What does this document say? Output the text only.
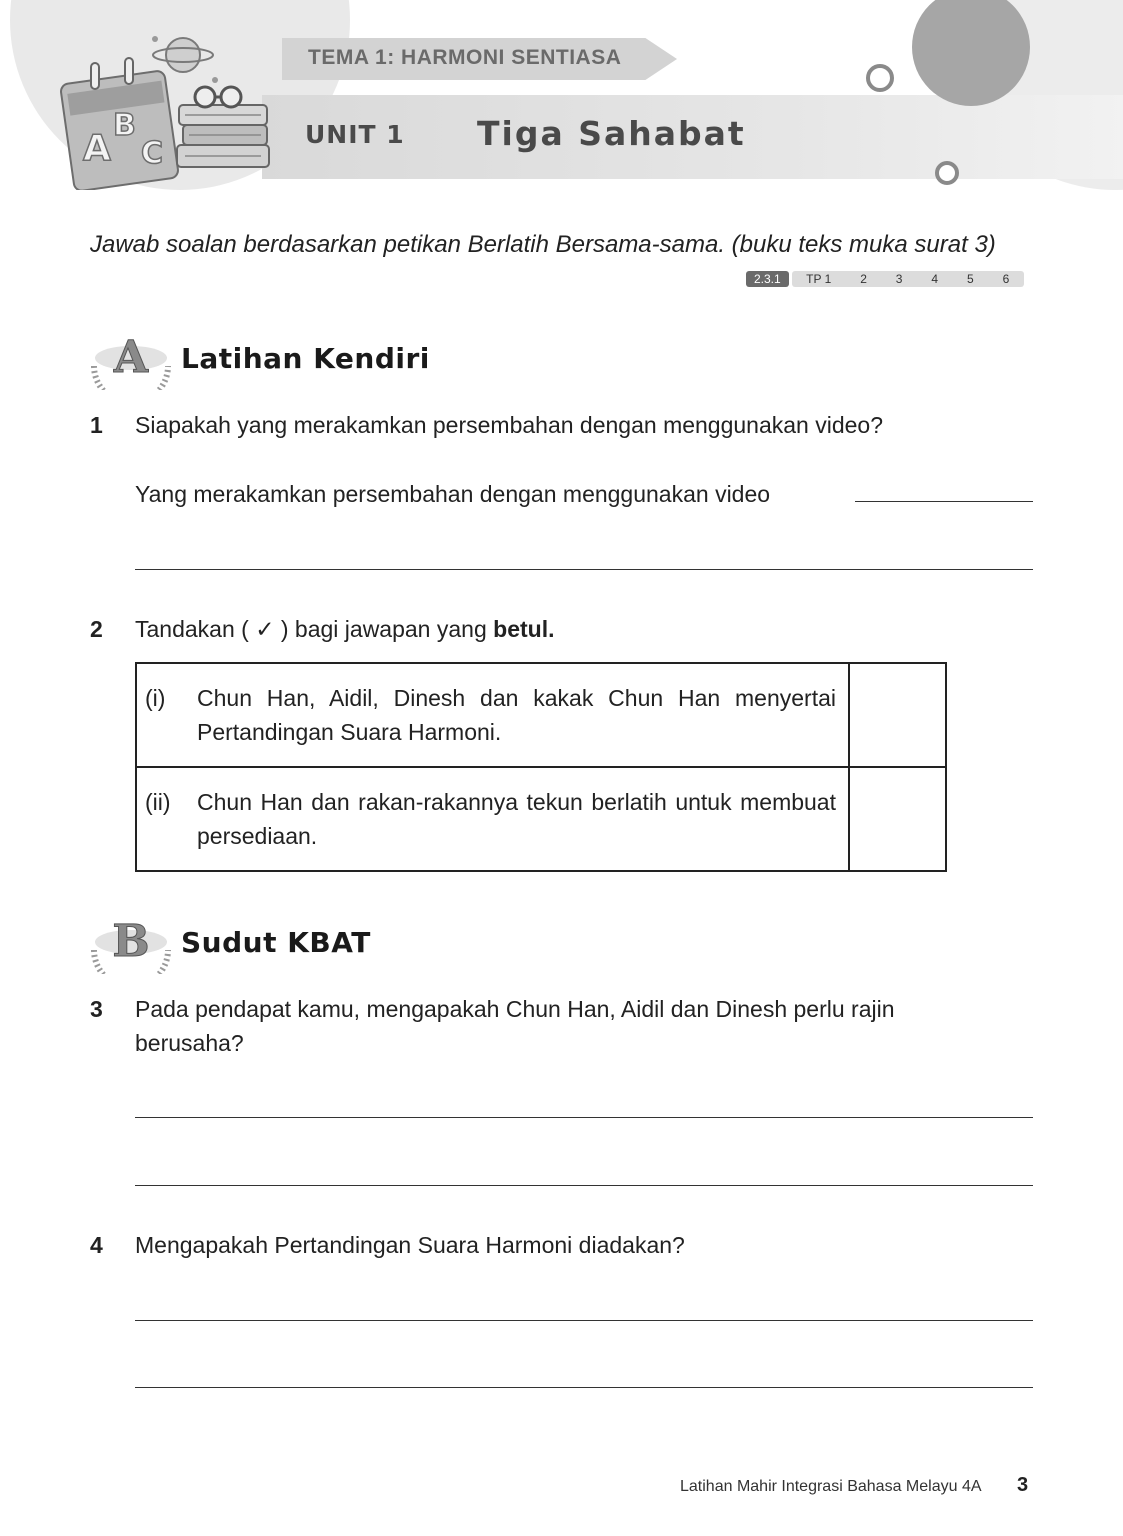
TEMA 1: HARMONI SENTIASA
A
B
C
UNIT 1 Tiga Sahabat
Jawab soalan berdasarkan petikan Berlatih Bersama-sama. (buku teks muka surat 3)
2.3.1	TP 1	2	3	4	5	6
A Latihan Kendiri
1 Siapakah yang merakamkan persembahan dengan menggunakan video?
Yang merakamkan persembahan dengan menggunakan video
2 Tandakan ( ✓ ) bagi jawapan yang betul.
(i) Chun Han, Aidil, Dinesh dan kakak Chun Han menyertai Pertandingan Suara Harmoni.	

(ii) Chun Han dan rakan-rakannya tekun berlatih untuk membuat persediaan.	

B Sudut KBAT
3 Pada pendapat kamu, mengapakah Chun Han, Aidil dan Dinesh perlu rajin berusaha?
4 Mengapakah Pertandingan Suara Harmoni diadakan?
Latihan Mahir Integrasi Bahasa Melayu 4A 3
